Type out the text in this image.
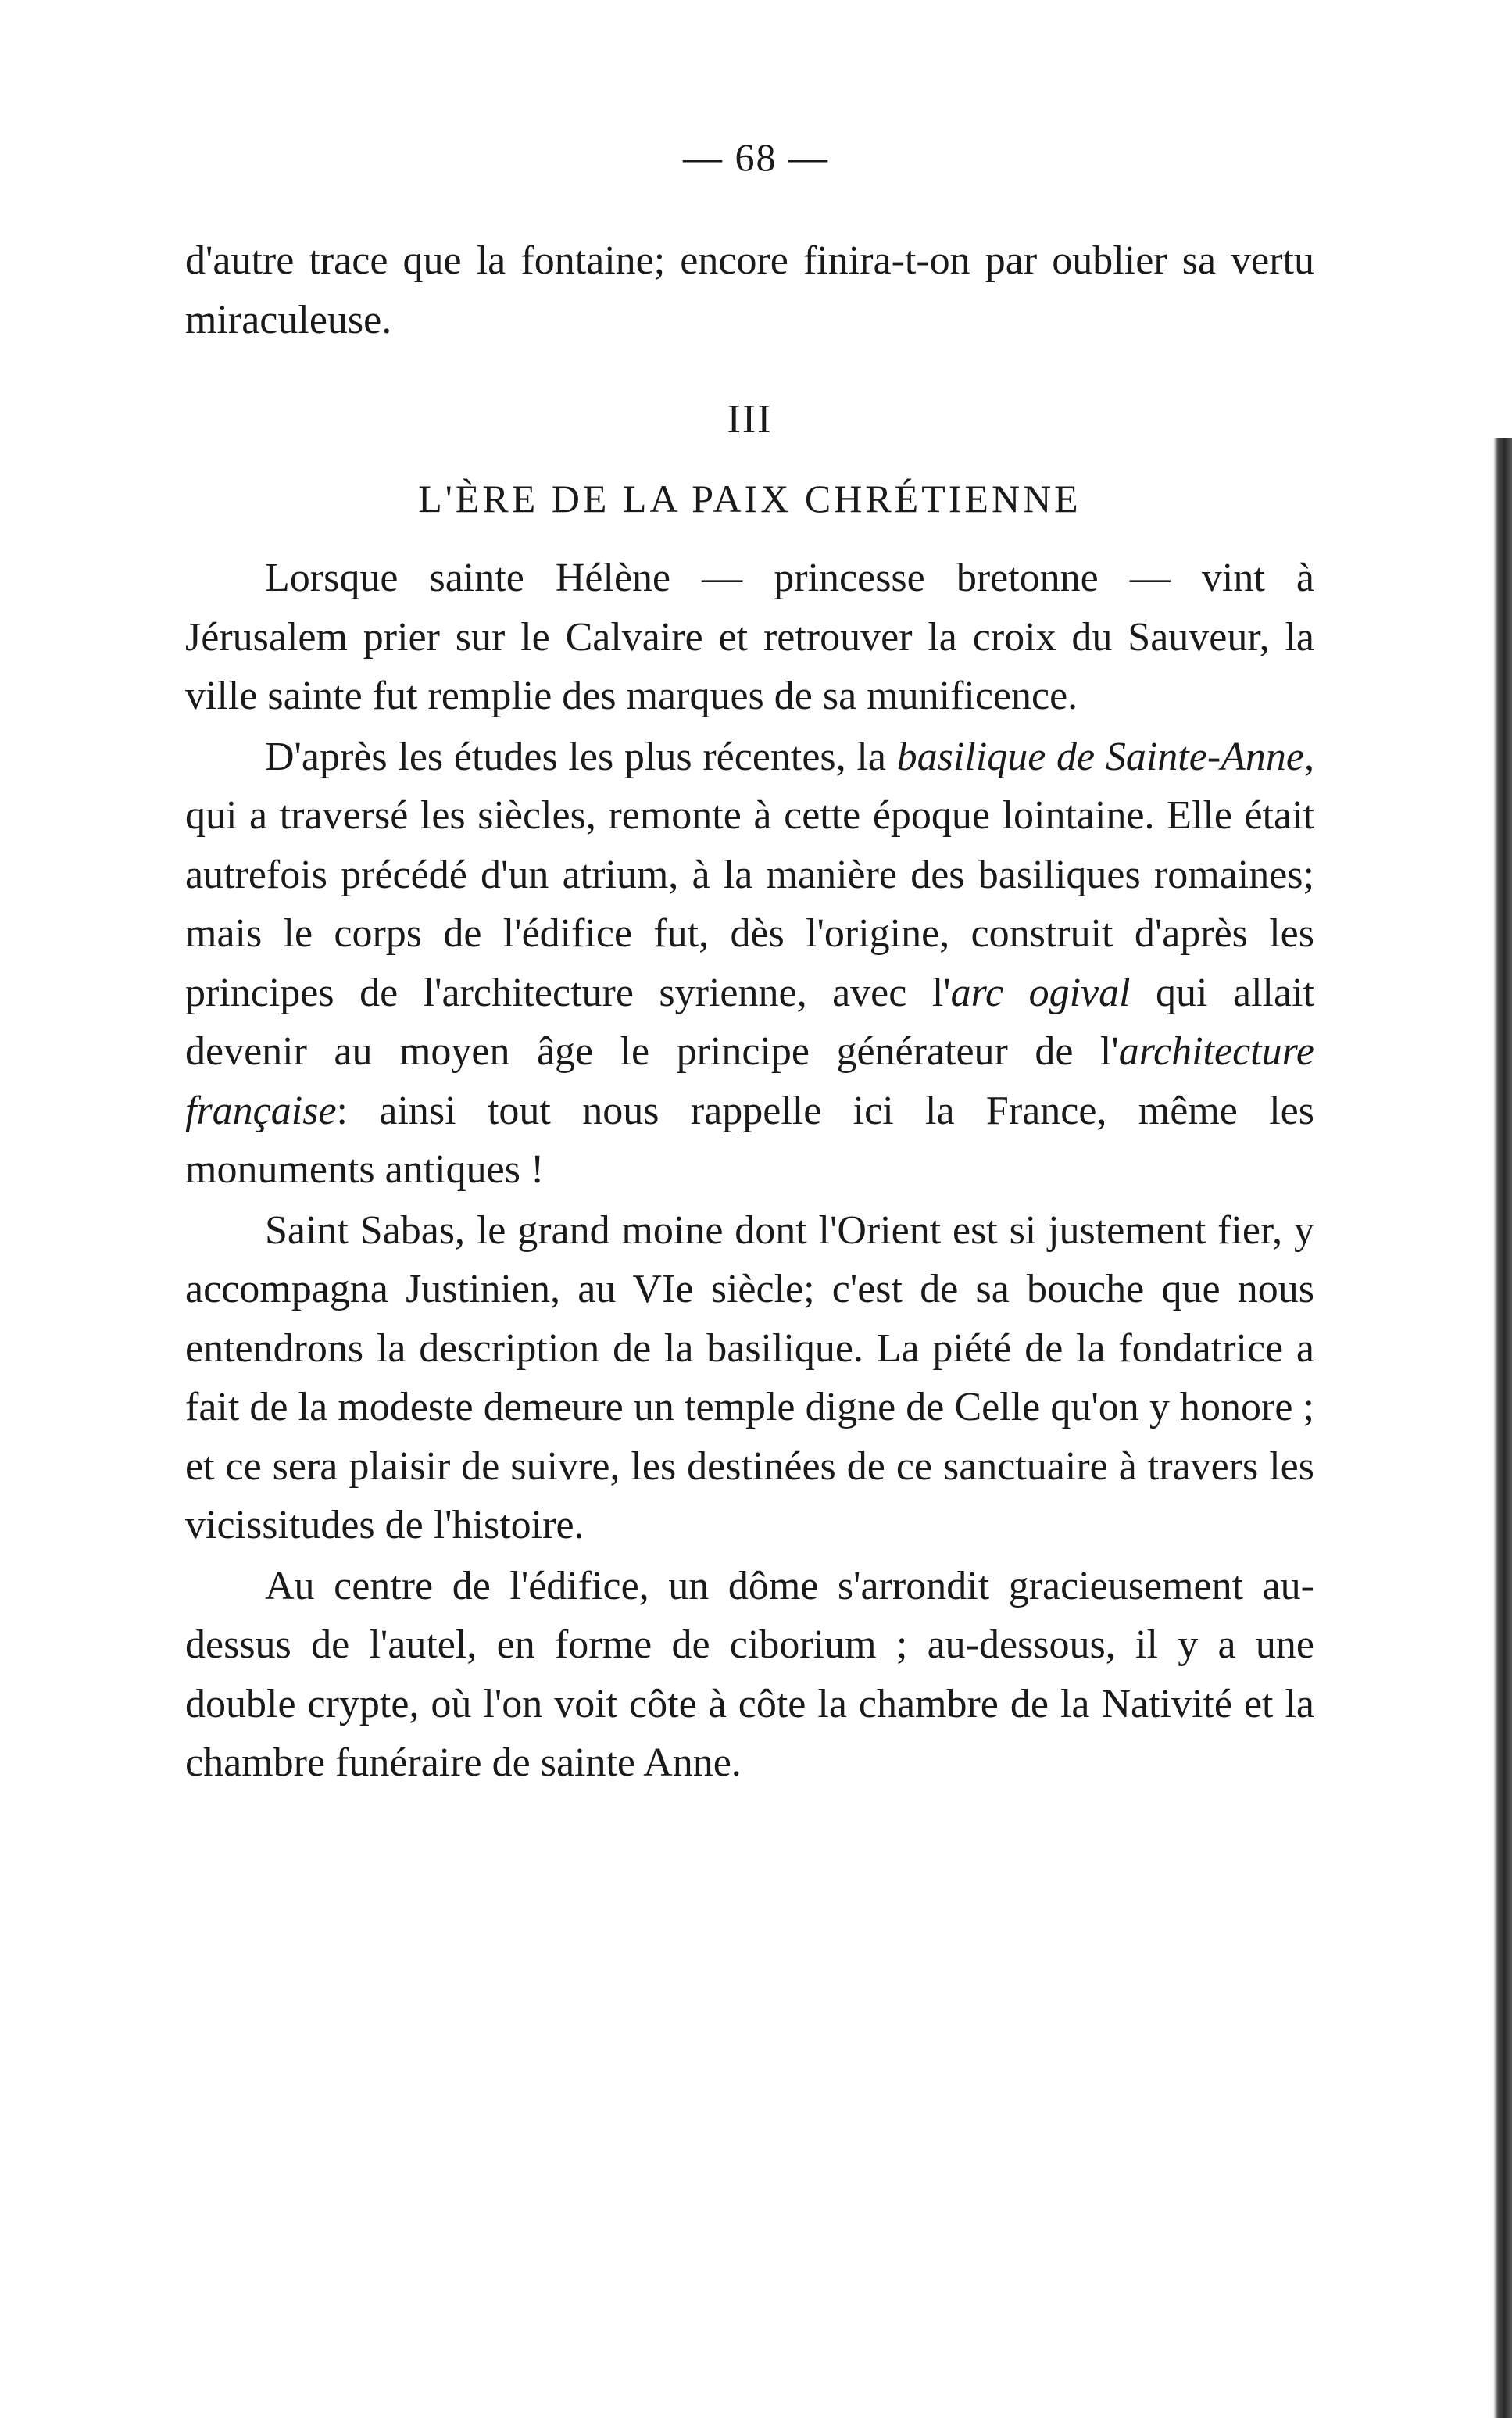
— 68 —

d'autre trace que la fontaine; encore finira-t-on par oublier sa vertu miraculeuse.

III

L'ÈRE DE LA PAIX CHRÉTIENNE

Lorsque sainte Hélène — princesse bretonne — vint à Jérusalem prier sur le Calvaire et retrouver la croix du Sauveur, la ville sainte fut remplie des marques de sa munificence.

D'après les études les plus récentes, la basilique de Sainte-Anne, qui a traversé les siècles, remonte à cette époque lointaine. Elle était autrefois précédé d'un atrium, à la manière des basiliques romaines; mais le corps de l'édifice fut, dès l'origine, construit d'après les principes de l'architecture syrienne, avec l'arc ogival qui allait devenir au moyen âge le principe générateur de l'architecture française: ainsi tout nous rappelle ici la France, même les monuments antiques !

Saint Sabas, le grand moine dont l'Orient est si justement fier, y accompagna Justinien, au VIe siècle; c'est de sa bouche que nous entendrons la description de la basilique. La piété de la fondatrice a fait de la modeste demeure un temple digne de Celle qu'on y honore ; et ce sera plaisir de suivre, les destinées de ce sanctuaire à travers les vicissitudes de l'histoire.

Au centre de l'édifice, un dôme s'arrondit gracieusement au-dessus de l'autel, en forme de ciborium ; au-dessous, il y a une double crypte, où l'on voit côte à côte la chambre de la Nativité et la chambre funéraire de sainte Anne.
